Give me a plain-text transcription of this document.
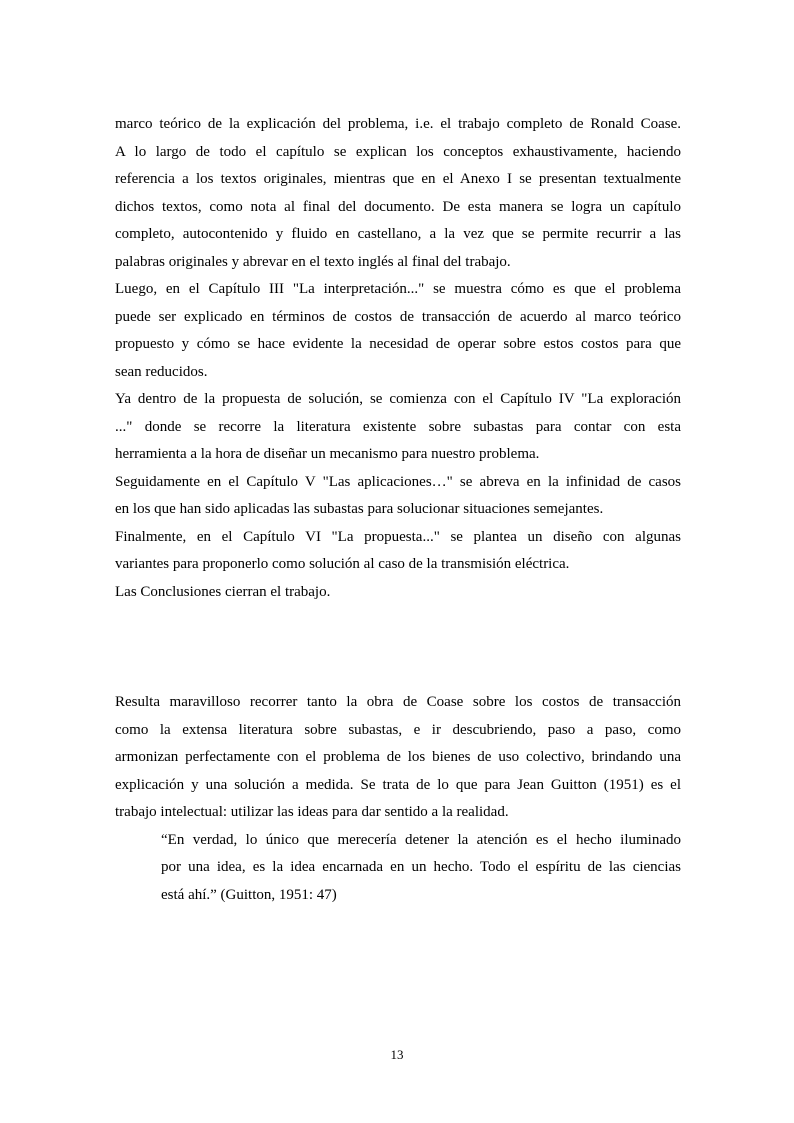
marco teórico de la explicación del problema, i.e. el trabajo completo de Ronald Coase.
A lo largo de todo el capítulo se explican los conceptos exhaustivamente, haciendo
referencia a los textos originales, mientras que en el Anexo I se presentan textualmente
dichos textos, como nota al final del documento. De esta manera se logra un capítulo
completo, autocontenido y fluido en castellano, a la vez que se permite recurrir a las
palabras originales y abrevar en el texto inglés al final del trabajo.
Luego, en el Capítulo III "La interpretación..." se muestra cómo es que el problema
puede ser explicado en términos de costos de transacción de acuerdo al marco teórico
propuesto y cómo se hace evidente la necesidad de operar sobre estos costos para que
sean reducidos.
Ya dentro de la propuesta de solución, se comienza con el Capítulo IV "La exploración
..." donde se recorre la literatura existente sobre subastas para contar con esta
herramienta a la hora de diseñar un mecanismo para nuestro problema.
Seguidamente en el Capítulo V "Las aplicaciones…" se abreva en la infinidad de casos
en los que han sido aplicadas las subastas para solucionar situaciones semejantes.
Finalmente, en el Capítulo VI "La propuesta..." se plantea un diseño con algunas
variantes para proponerlo como solución al caso de la transmisión eléctrica.
Las Conclusiones cierran el trabajo.
Resulta maravilloso recorrer tanto la obra de Coase sobre los costos de transacción
como la extensa literatura sobre subastas, e ir descubriendo, paso a paso, como
armonizan perfectamente con el problema de los bienes de uso colectivo, brindando una
explicación y una solución a medida. Se trata de lo que para Jean Guitton (1951) es el
trabajo intelectual: utilizar las ideas para dar sentido a la realidad.
“En verdad, lo único que merecería detener la atención es el hecho iluminado
por una idea, es la idea encarnada en un hecho. Todo el espíritu de las ciencias
está ahí.” (Guitton, 1951: 47)
13
